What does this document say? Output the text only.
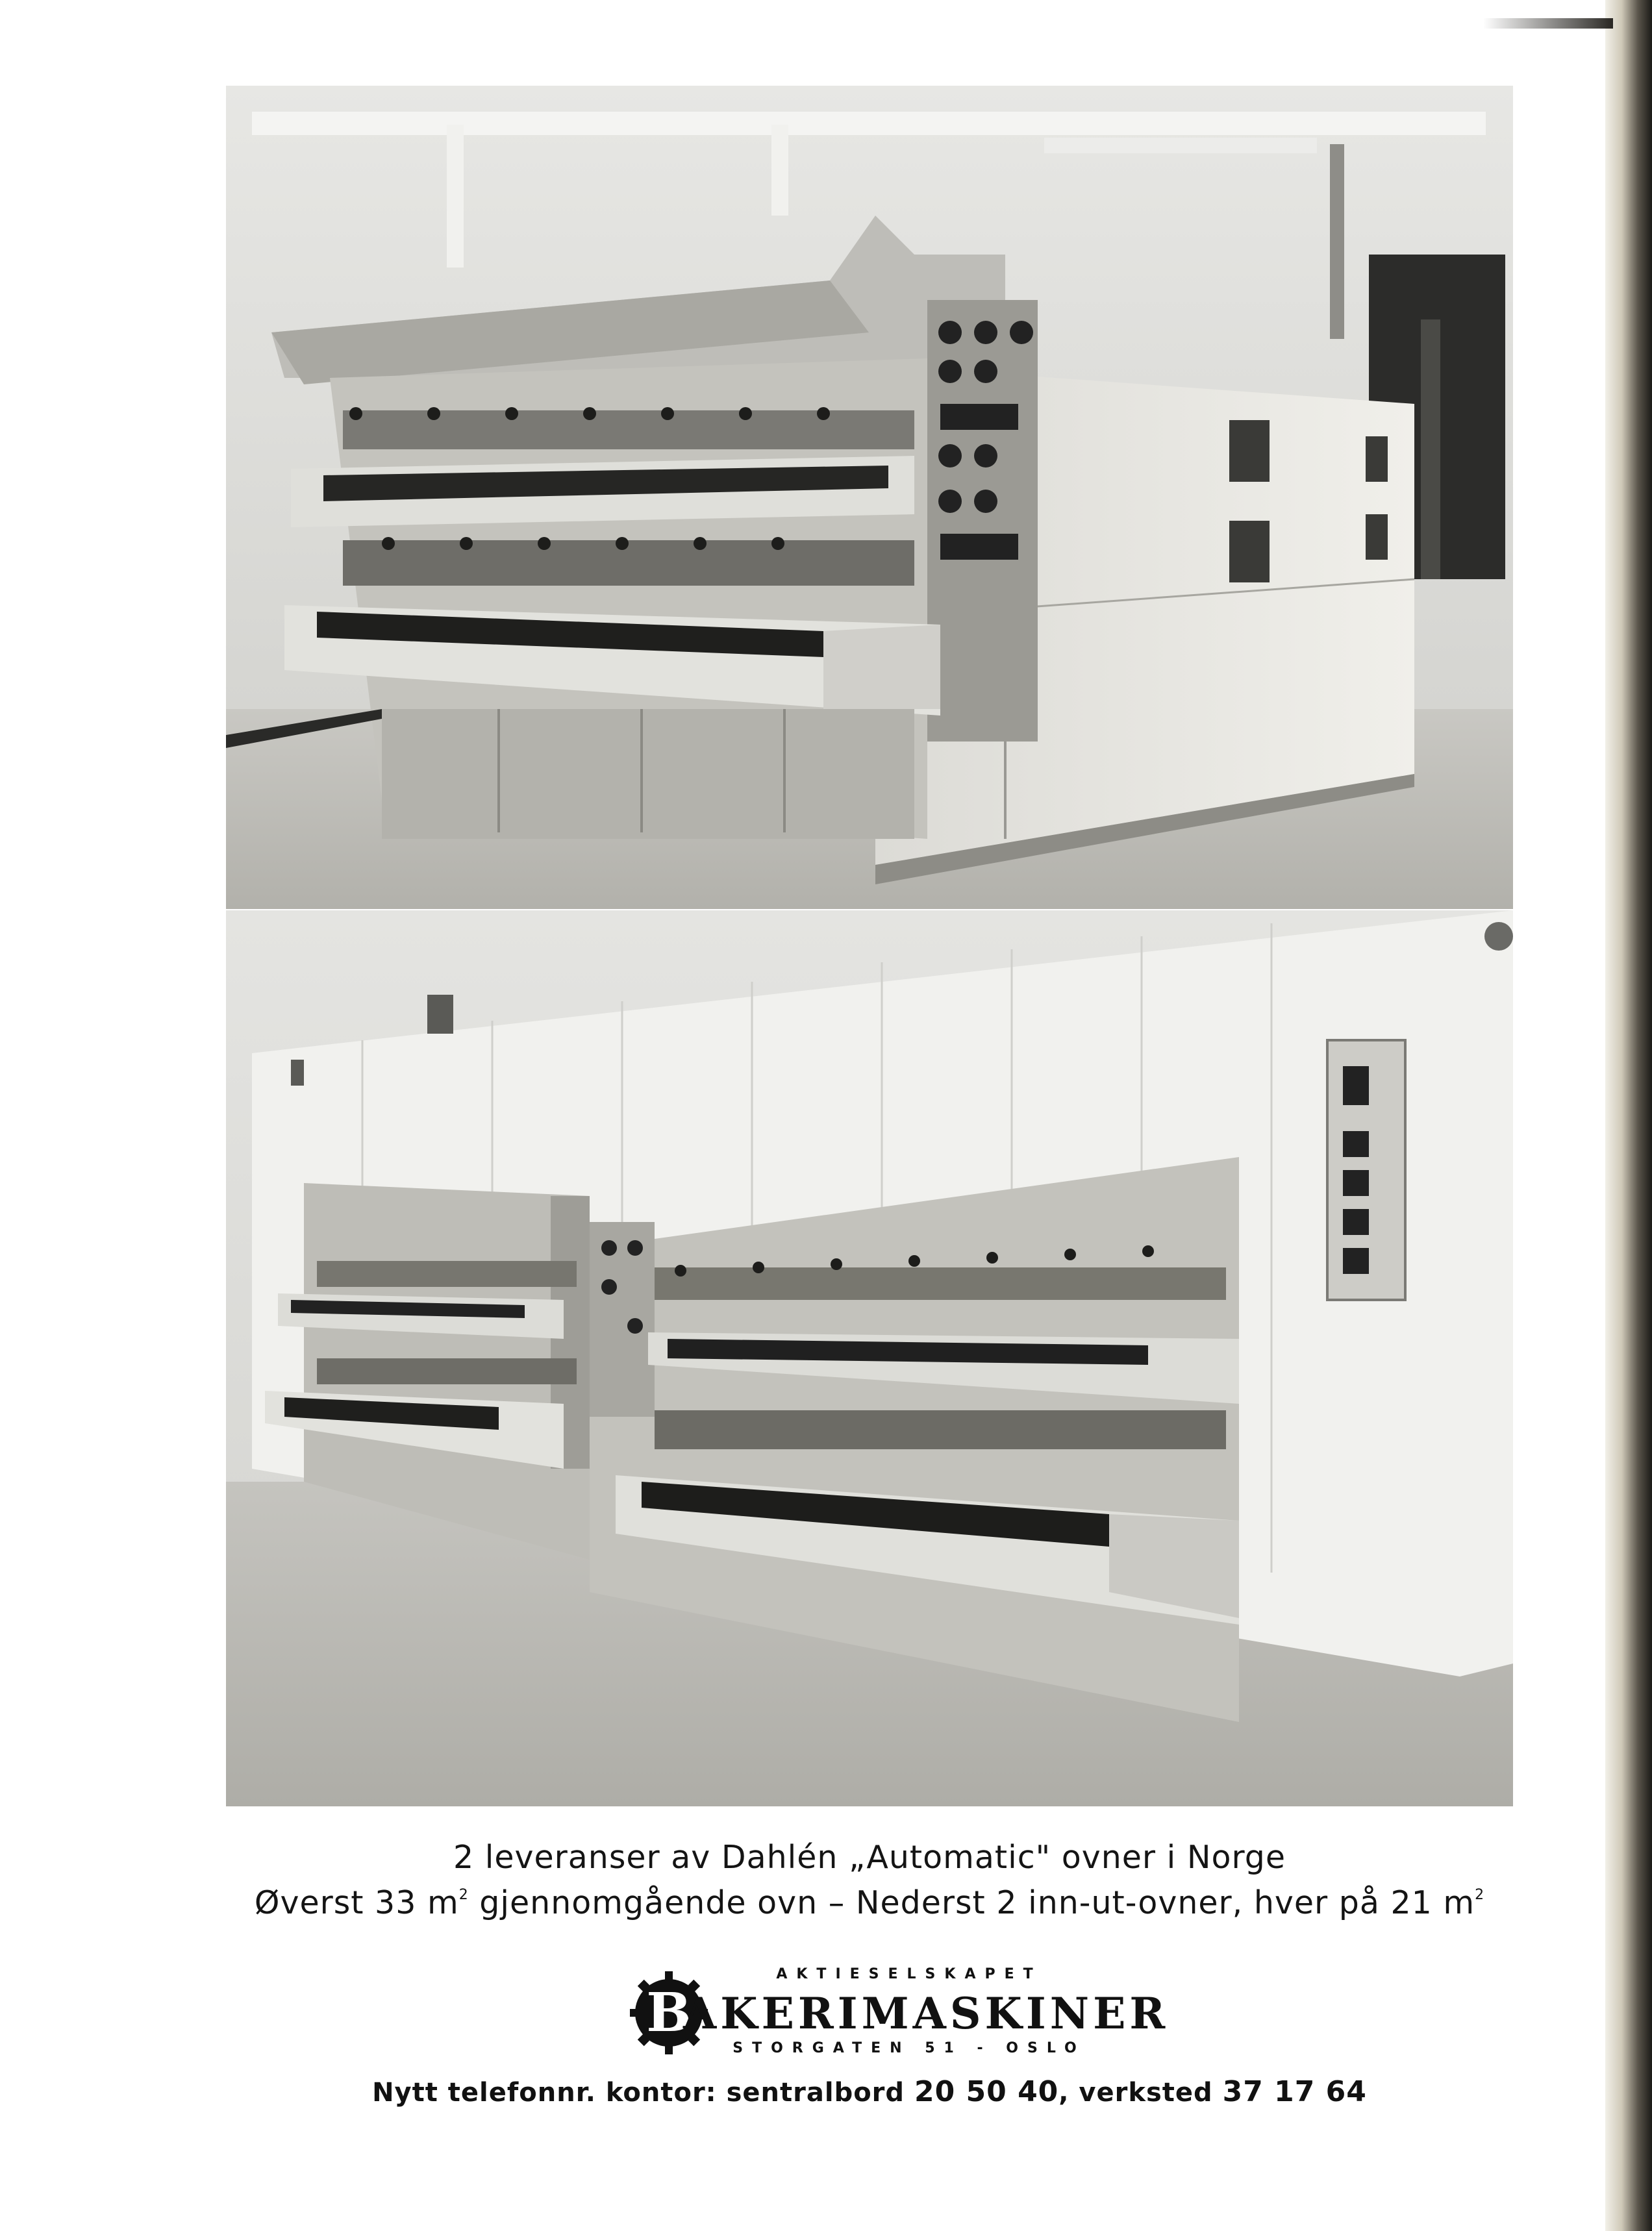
2 leveranser av Dahlén „Automatic" ovner i Norge
Øverst 33 $m^2$ gjennomgående ovn – Nederst 2 inn-ut-ovner, hver på 21 $m^2$
AKTIESELSKAPET
B
AKERIMASKINER
STORGATEN 51 - OSLO
Nytt telefonnr. kontor: sentralbord 20 50 40, verksted 37 17 64
